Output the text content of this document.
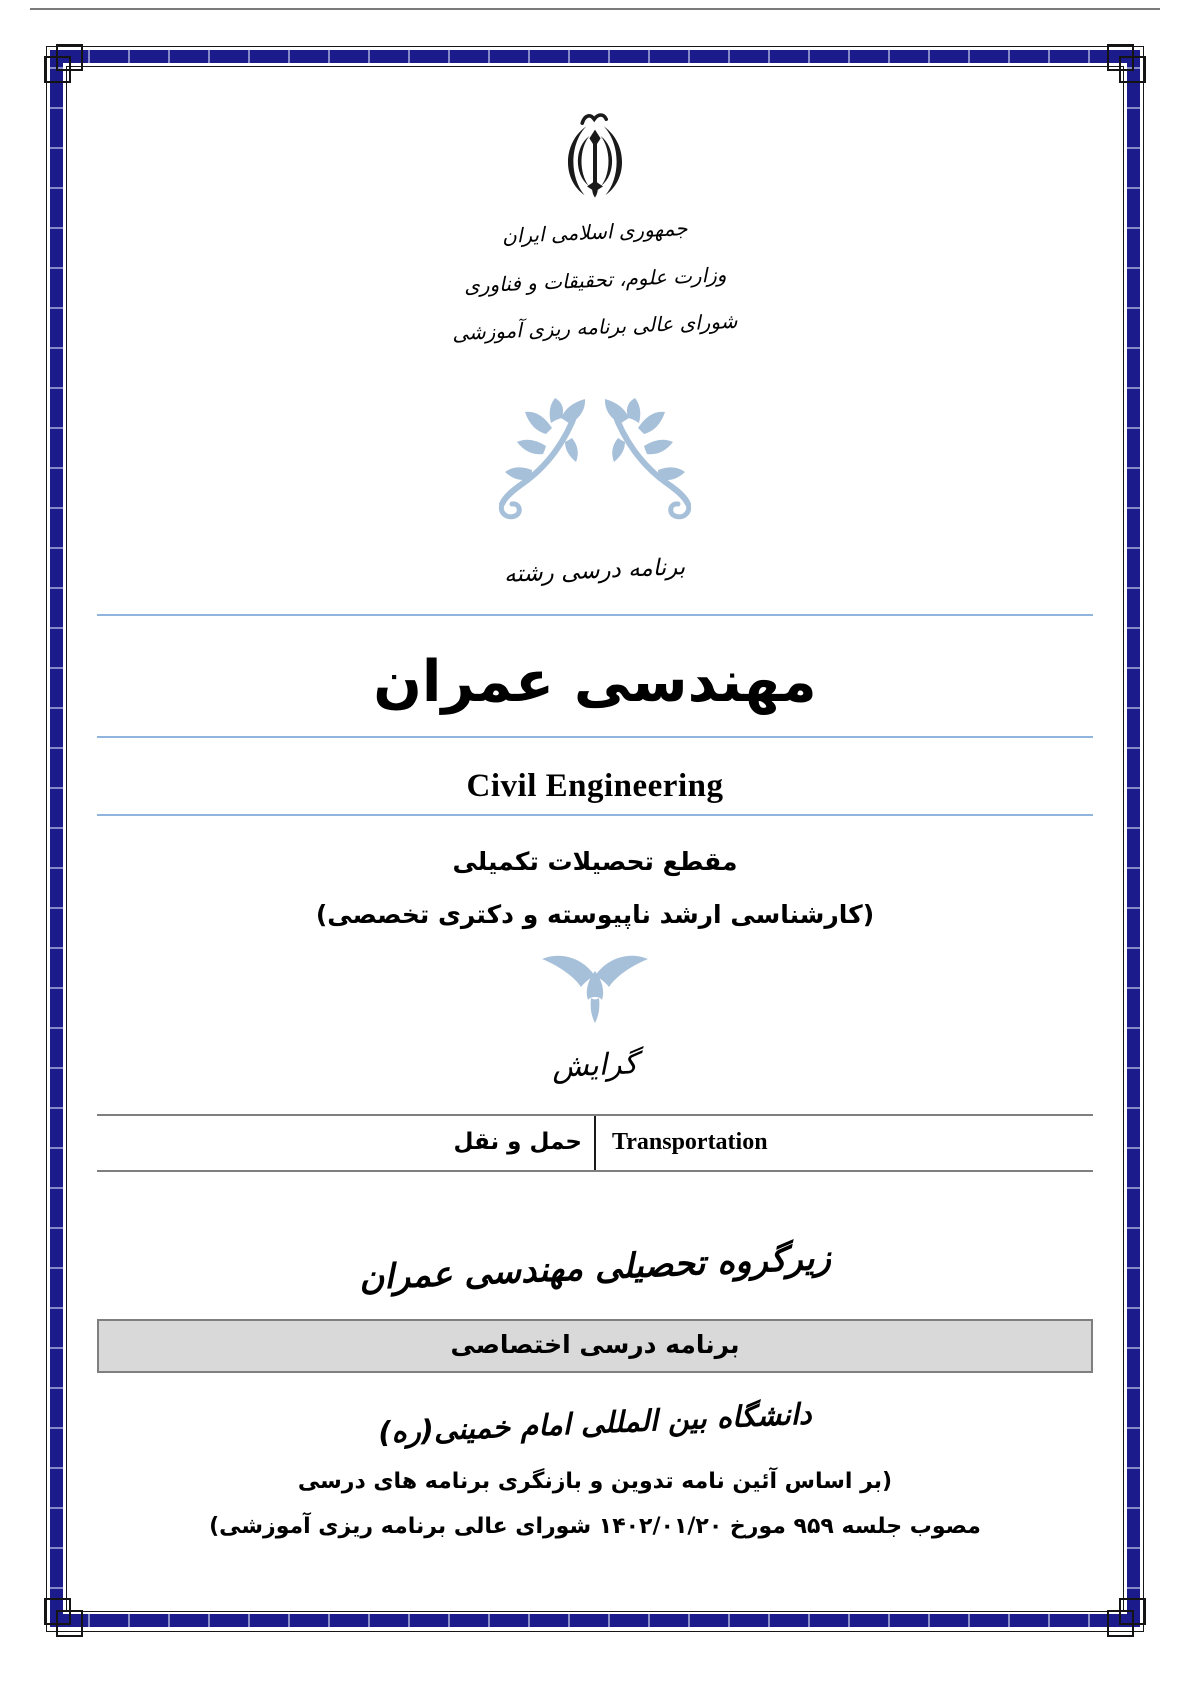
جمهوری اسلامی ایران
وزارت علوم، تحقیقات و فناوری
شورای عالی برنامه ریزی آموزشی
برنامه درسی رشته
مهندسی عمران
Civil Engineering
مقطع تحصیلات تکمیلی
(کارشناسی ارشد ناپیوسته و دکتری تخصصی)
گرایش
حمل و نقل Transportation
زیرگروه تحصیلی مهندسی عمران
برنامه درسی اختصاصی
دانشگاه بین المللی امام خمینی(ره)
(بر اساس آئین نامه تدوین و بازنگری برنامه های درسی
مصوب جلسه ۹۵۹ مورخ ۱۴۰۲/۰۱/۲۰ شورای عالی برنامه ریزی آموزشی)
